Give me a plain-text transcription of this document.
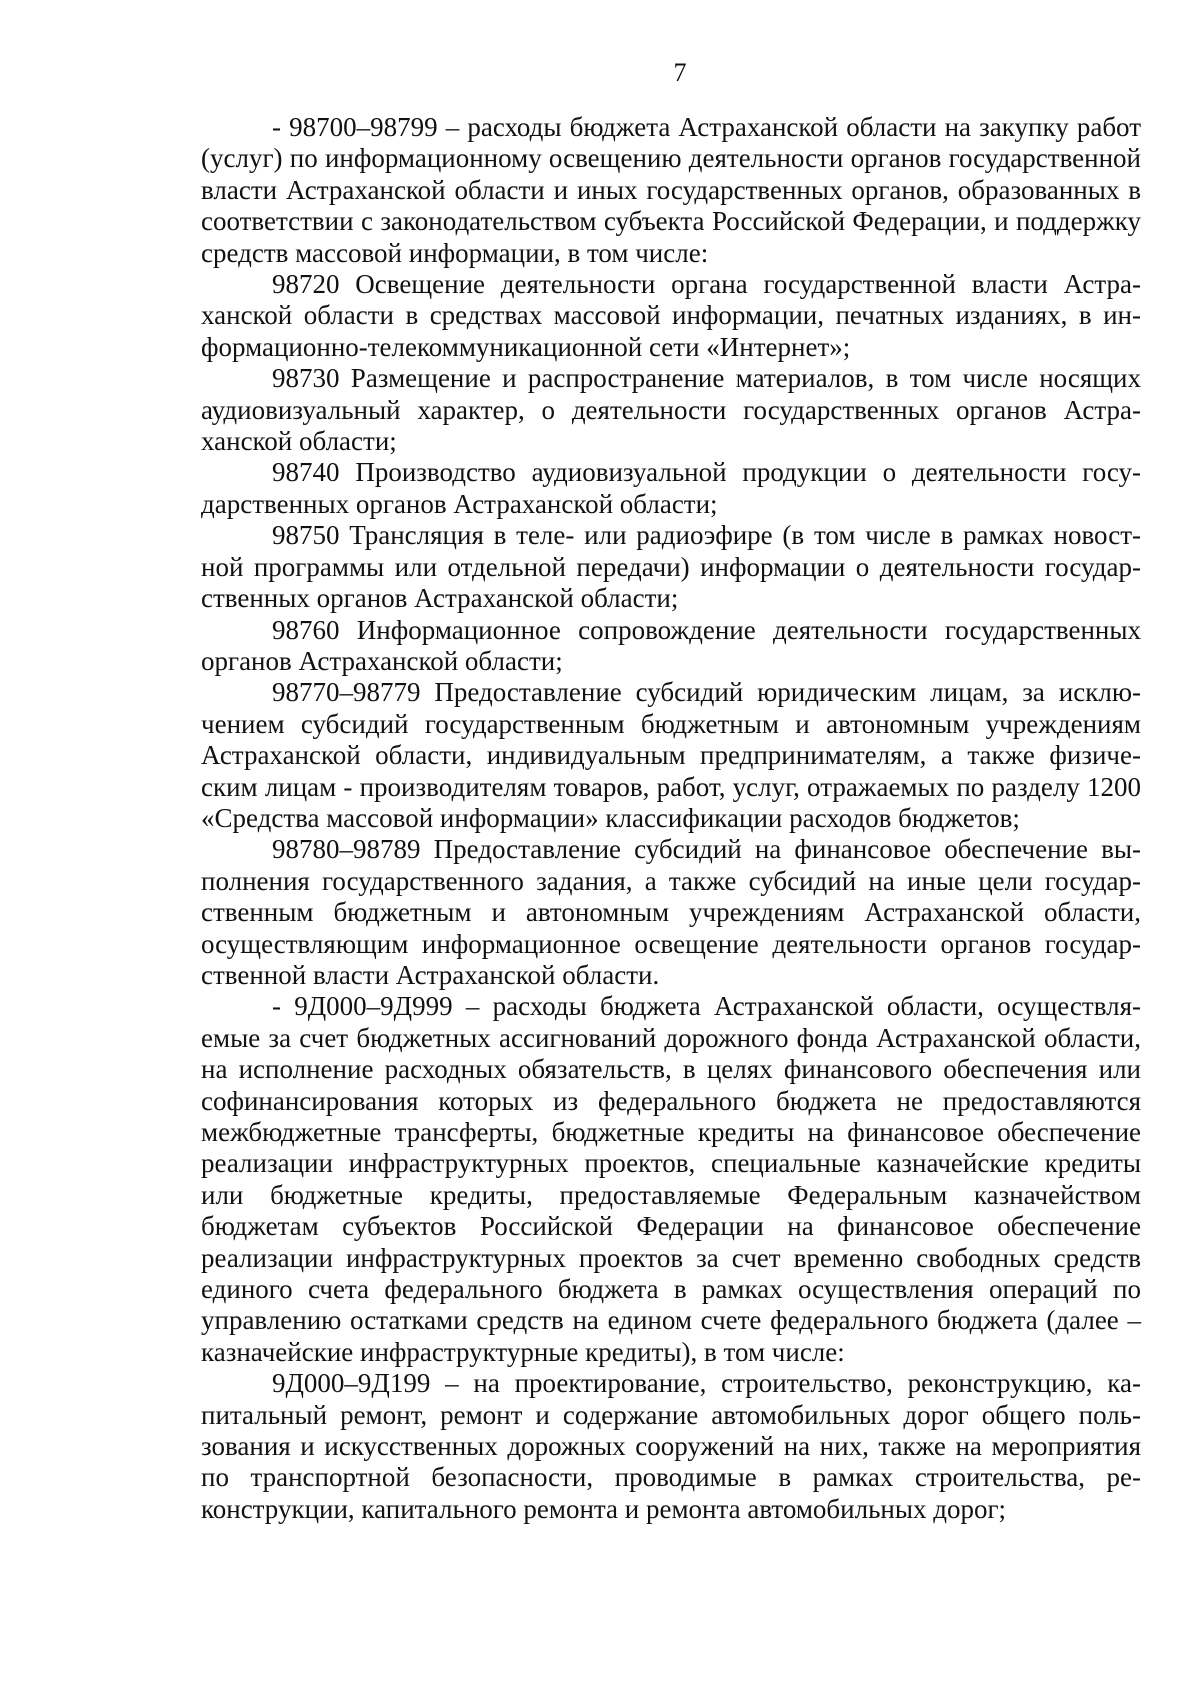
7

- 98700–98799 – расходы бюджета Астраханской области на закупку работ (услуг) по информационному освещению деятельности органов государственной власти Астраханской области и иных государственных органов, образованных в соответствии с законодательством субъекта Российской Федерации, и поддержку средств массовой информации, в том числе:

98720 Освещение деятельности органа государственной власти Астраханской области в средствах массовой информации, печатных изданиях, в информационно-телекоммуникационной сети «Интернет»;

98730 Размещение и распространение материалов, в том числе носящих аудиовизуальный характер, о деятельности государственных органов Астраханской области;

98740 Производство аудиовизуальной продукции о деятельности государственных органов Астраханской области;

98750 Трансляция в теле- или радиоэфире (в том числе в рамках новостной программы или отдельной передачи) информации о деятельности государственных органов Астраханской области;

98760 Информационное сопровождение деятельности государственных органов Астраханской области;

98770–98779 Предоставление субсидий юридическим лицам, за исключением субсидий государственным бюджетным и автономным учреждениям Астраханской области, индивидуальным предпринимателям, а также физическим лицам - производителям товаров, работ, услуг, отражаемых по разделу 1200 «Средства массовой информации» классификации расходов бюджетов;

98780–98789 Предоставление субсидий на финансовое обеспечение выполнения государственного задания, а также субсидий на иные цели государственным бюджетным и автономным учреждениям Астраханской области, осуществляющим информационное освещение деятельности органов государственной власти Астраханской области.

- 9Д000–9Д999 – расходы бюджета Астраханской области, осуществляемые за счет бюджетных ассигнований дорожного фонда Астраханской области, на исполнение расходных обязательств, в целях финансового обеспечения или софинансирования которых из федерального бюджета не предоставляются межбюджетные трансферты, бюджетные кредиты на финансовое обеспечение реализации инфраструктурных проектов, специальные казначейские кредиты или бюджетные кредиты, предоставляемые Федеральным казначейством бюджетам субъектов Российской Федерации на финансовое обеспечение реализации инфраструктурных проектов за счет временно свободных средств единого счета федерального бюджета в рамках осуществления операций по управлению остатками средств на едином счете федерального бюджета (далее – казначейские инфраструктурные кредиты), в том числе:

9Д000–9Д199 – на проектирование, строительство, реконструкцию, капитальный ремонт, ремонт и содержание автомобильных дорог общего пользования и искусственных дорожных сооружений на них, также на мероприятия по транспортной безопасности, проводимые в рамках строительства, реконструкции, капитального ремонта и ремонта автомобильных дорог;
